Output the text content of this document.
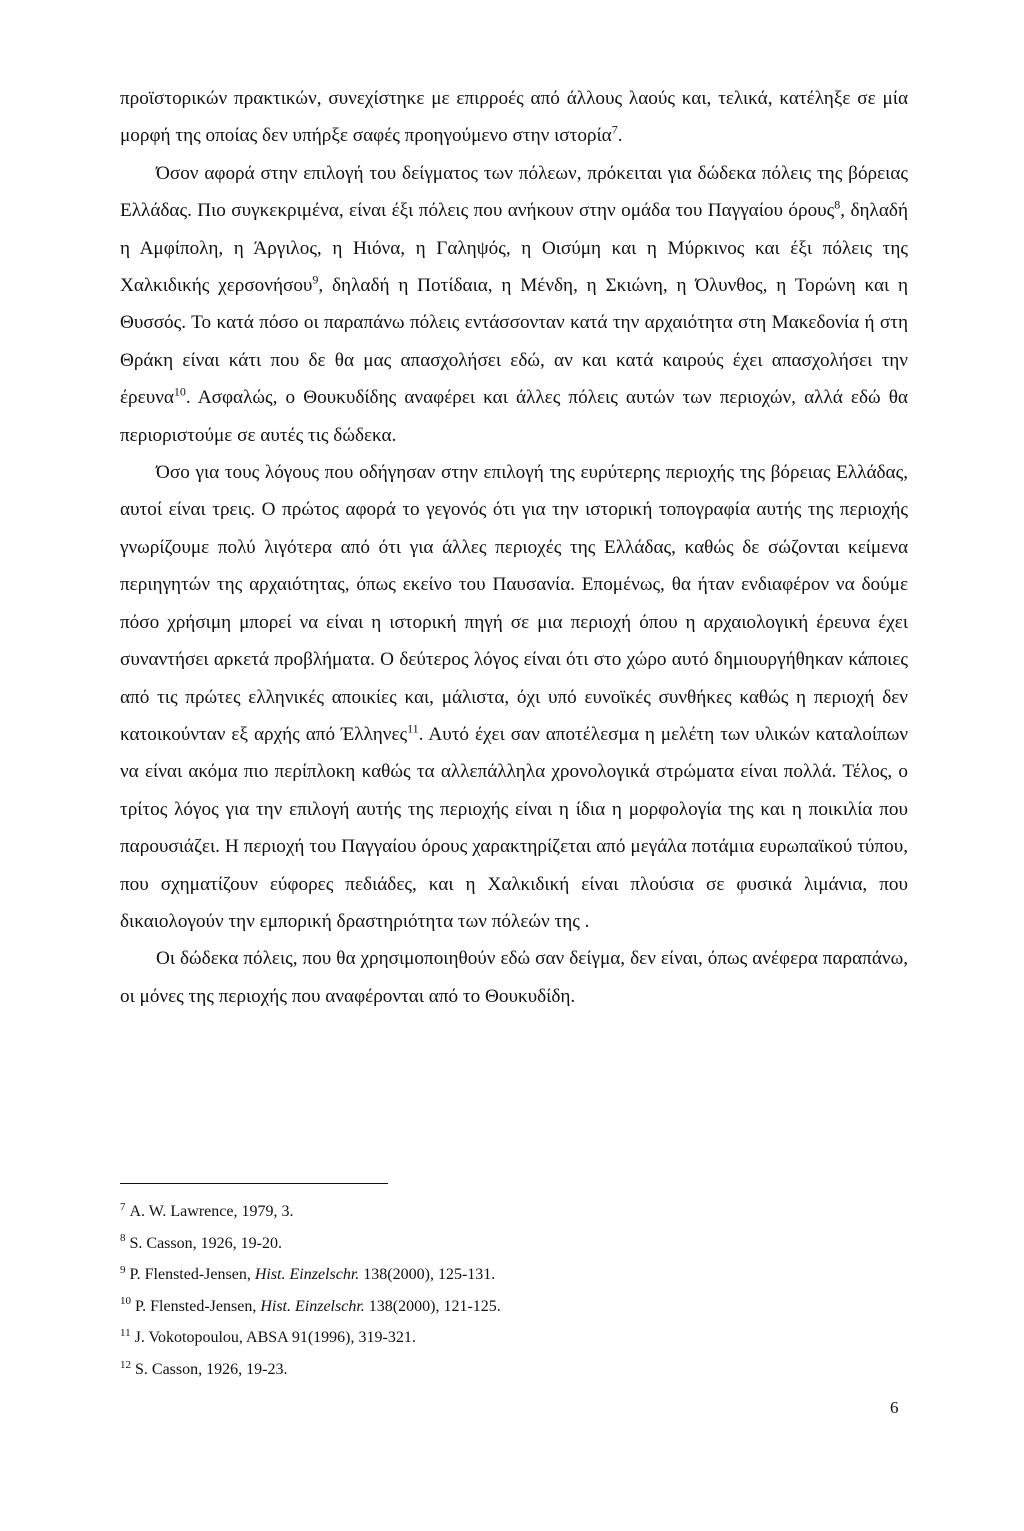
προϊστορικών πρακτικών, συνεχίστηκε με επιρροές από άλλους λαούς και, τελικά, κατέληξε σε μία μορφή της οποίας δεν υπήρξε σαφές προηγούμενο στην ιστορία$^7$.

Όσον αφορά στην επιλογή του δείγματος των πόλεων, πρόκειται για δώδεκα πόλεις της βόρειας Ελλάδας. Πιο συγκεκριμένα, είναι έξι πόλεις που ανήκουν στην ομάδα του Παγγαίου όρους$^8$, δηλαδή η Αμφίπολη, η Άργιλος, η Ηιόνα, η Γαληψός, η Οισύμη και η Μύρκινος και έξι πόλεις της Χαλκιδικής χερσονήσου$^9$, δηλαδή η Ποτίδαια, η Μένδη, η Σκιώνη, η Όλυνθος, η Τορώνη και η Θυσσός. Το κατά πόσο οι παραπάνω πόλεις εντάσσονταν κατά την αρχαιότητα στη Μακεδονία ή στη Θράκη είναι κάτι που δε θα μας απασχολήσει εδώ, αν και κατά καιρούς έχει απασχολήσει την έρευνα$^{10}$. Ασφαλώς, ο Θουκυδίδης αναφέρει και άλλες πόλεις αυτών των περιοχών, αλλά εδώ θα περιοριστούμε σε αυτές τις δώδεκα.

Όσο για τους λόγους που οδήγησαν στην επιλογή της ευρύτερης περιοχής της βόρειας Ελλάδας, αυτοί είναι τρεις. Ο πρώτος αφορά το γεγονός ότι για την ιστορική τοπογραφία αυτής της περιοχής γνωρίζουμε πολύ λιγότερα από ότι για άλλες περιοχές της Ελλάδας, καθώς δε σώζονται κείμενα περιηγητών της αρχαιότητας, όπως εκείνο του Παυσανία. Επομένως, θα ήταν ενδιαφέρον να δούμε πόσο χρήσιμη μπορεί να είναι η ιστορική πηγή σε μια περιοχή όπου η αρχαιολογική έρευνα έχει συναντήσει αρκετά προβλήματα. Ο δεύτερος λόγος είναι ότι στο χώρο αυτό δημιουργήθηκαν κάποιες από τις πρώτες ελληνικές αποικίες και, μάλιστα, όχι υπό ευνοϊκές συνθήκες καθώς η περιοχή δεν κατοικούνταν εξ αρχής από Έλληνες$^{11}$. Αυτό έχει σαν αποτέλεσμα η μελέτη των υλικών καταλοίπων να είναι ακόμα πιο περίπλοκη καθώς τα αλλεπάλληλα χρονολογικά στρώματα είναι πολλά. Τέλος, ο τρίτος λόγος για την επιλογή αυτής της περιοχής είναι η ίδια η μορφολογία της και η ποικιλία που παρουσιάζει. Η περιοχή του Παγγαίου όρους χαρακτηρίζεται από μεγάλα ποτάμια ευρωπαϊκού τύπου, που σχηματίζουν εύφορες πεδιάδες, και η Χαλκιδική είναι πλούσια σε φυσικά λιμάνια, που δικαιολογούν την εμπορική δραστηριότητα των πόλεών της .

Οι δώδεκα πόλεις, που θα χρησιμοποιηθούν εδώ σαν δείγμα, δεν είναι, όπως ανέφερα παραπάνω, οι μόνες της περιοχής που αναφέρονται από το Θουκυδίδη.

$^7$ A. W. Lawrence, 1979, 3.
$^8$ S. Casson, 1926, 19-20.
$^9$ P. Flensted-Jensen, Hist. Einzelschr. 138(2000), 125-131.
$^{10}$ P. Flensted-Jensen, Hist. Einzelschr. 138(2000), 121-125.
$^{11}$ J. Vokotopoulou, ABSA 91(1996), 319-321.
$^{12}$ S. Casson, 1926, 19-23.
6
